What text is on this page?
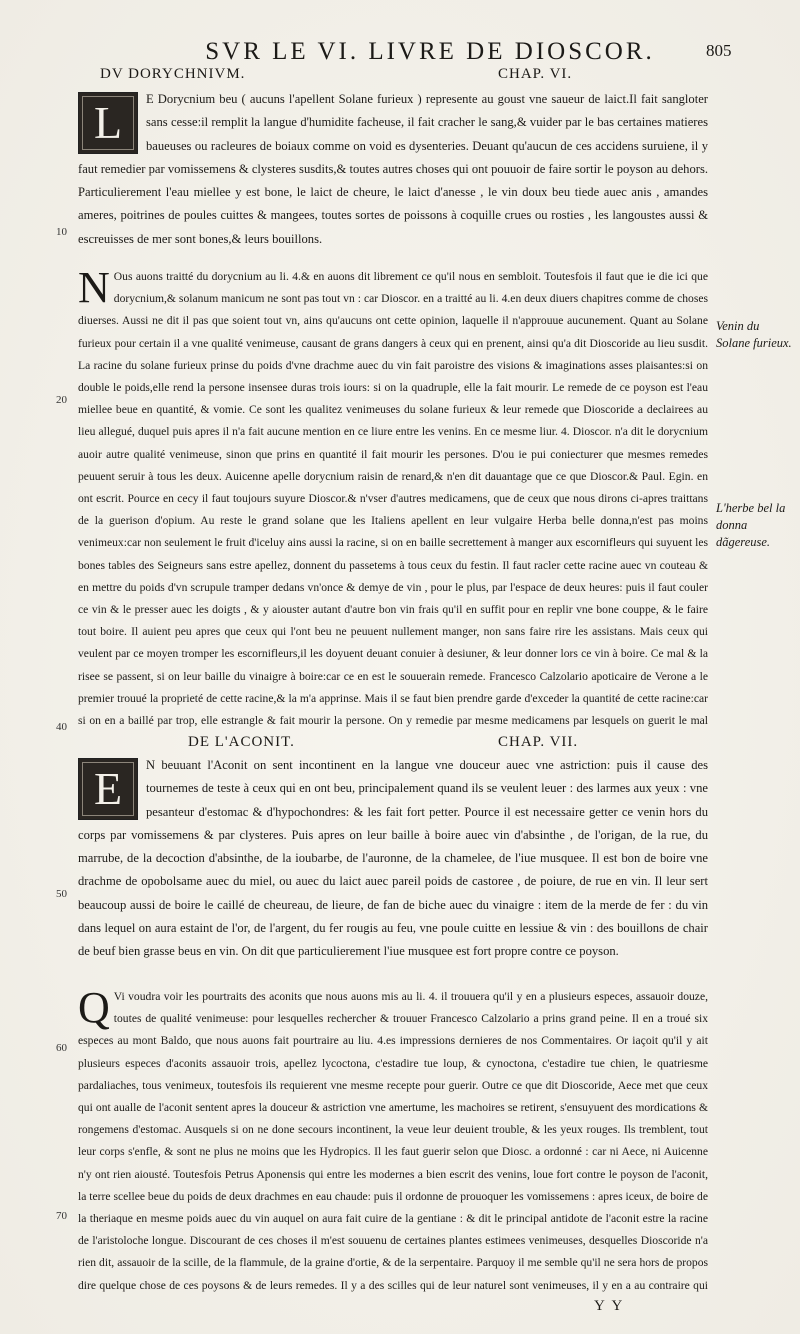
SVR LE VI. LIVRE DE DIOSCOR.	805
DV DORYCHNIVM.	CHAP. VI.
L	E Dorycnium beu ( aucuns l'apellent Solane furieux ) represente au goust vne saueur de laict.Il fait sangloter sans cesse:il remplit la langue d'humidite facheuse, il fait cracher le sang,& vuider par le bas certaines matieres baueuses ou racleures de boiaux comme on void es dysenteries. Deuant qu'aucun de ces accidens suruiene, il y faut remedier par vomissemens & clysteres susdits,& toutes autres choses qui ont pouuoir de faire sortir le poyson au dehors. Particulierement l'eau miellee y est bone, le laict de cheure, le laict d'anesse , le vin doux beu tiede auec anis , amandes ameres, poitrines de poules cuittes & mangees, toutes sortes de poissons à coquille crues ou rosties , les langoustes aussi & escreuisses de mer sont bones,& leurs bouillons.
N Ous auons traitté du dorycnium au li. 4.& en auons dit librement ce qu'il nous en sembloit. Toutesfois il faut que ie die ici que dorycnium,& solanum manicum ne sont pas tout vn : car Dioscor. en a traitté au li. 4.en deux diuers chapitres comme de choses diuerses. Aussi ne dit il pas que soient tout vn, ains qu'aucuns ont cette opinion, laquelle il n'approuue aucunement. Quant au Solane furieux pour certain il a vne qualité venimeuse, causant de grans dangers à ceux qui en prenent, ainsi qu'a dit Dioscoride au lieu susdit. La racine du solane furieux prinse du poids d'vne drachme auec du vin fait paroistre des visions & imaginations asses plaisantes:si on double le poids,elle rend la persone insensee duras trois iours: si on la quadruple, elle la fait mourir. Le remede de ce poyson est l'eau miellee beue en quantité, & vomie. Ce sont les qualitez venimeuses du solane furieux & leur remede que Dioscoride a declairees au lieu allegué, duquel puis apres il n'a fait aucune mention en ce liure entre les venins. En ce mesme liur. 4. Dioscor. n'a dit le dorycnium auoir autre qualité venimeuse, sinon que prins en quantité il fait mourir les persones. D'ou ie pui coniecturer que mesmes remedes peuuent seruir à tous les deux. Auicenne apelle dorycnium raisin de renard,& n'en dit dauantage que ce que Dioscor.& Paul. Egin. en ont escrit. Pource en cecy il faut toujours suyure Dioscor.& n'vser d'autres medicamens, que de ceux que nous dirons ci-apres traittans de la guerison d'opium. Au reste le grand solane que les Italiens apellent en leur vulgaire Herba belle donna,n'est pas moins venimeux:car non seulement le fruit d'iceluy ains aussi la racine, si on en baille secrettement à manger aux escornifleurs qui suyuent les bones tables des Seigneurs sans estre apellez, donnent du passetems à tous ceux du festin. Il faut racler cette racine auec vn couteau & en mettre du poids d'vn scrupule tramper dedans vn'once & demye de vin , pour le plus, par l'espace de deux heures: puis il faut couler ce vin & le presser auec les doigts , & y aiouster autant d'autre bon vin frais qu'il en suffit pour en replir vne bone couppe, & le faire tout boire. Il auient peu apres que ceux qui l'ont beu ne peuuent nullement manger, non sans faire rire les assistans. Mais ceux qui veulent par ce moyen tromper les escornifleurs,il les doyuent deuant conuier à desiuner, & leur donner lors ce vin à boire. Ce mal & la risee se passent, si on leur baille du vinaigre à boire:car ce en est le souuerain remede. Francesco Calzolario apoticaire de Verone a le premier trouué la proprieté de cette racine,& la m'a apprinse. Mais il se faut bien prendre garde d'exceder la quantité de cette racine:car si on en a baillé par trop, elle estrangle & fait mourir la persone. On y remedie par mesme medicamens par lesquels on guerit le mal
DE L'ACONIT.	CHAP. VII.
E	N beuuant l'Aconit on sent incontinent en la langue vne douceur auec vne astriction: puis il cause des tournemes de teste à ceux qui en ont beu, principalement quand ils se veulent leuer : des larmes aux yeux : vne pesanteur d'estomac & d'hypochondres: & les fait fort petter. Pource il est necessaire getter ce venin hors du corps par vomissemens & par clysteres. Puis apres on leur baille à boire auec vin d'absinthe , de l'origan, de la rue, du marrube, de la decoction d'absinthe, de la ioubarbe, de l'auronne, de la chamelee, de l'iue musquee. Il est bon de boire vne drachme de opobolsame auec du miel, ou auec du laict auec pareil poids de castoree , de poiure, de rue en vin. Il leur sert beaucoup aussi de boire le caillé de cheureau, de lieure, de fan de biche auec du vinaigre : item de la merde de fer : du vin dans lequel on aura estaint de l'or, de l'argent, du fer rougis au feu, vne poule cuitte en lessiue & vin : des bouillons de chair de beuf bien grasse beus en vin. On dit que particulierement l'iue musquee est fort propre contre ce poyson.
Q Vi voudra voir les pourtraits des aconits que nous auons mis au li. 4. il trouuera qu'il y en a plusieurs especes, assauoir douze, toutes de qualité venimeuse: pour lesquelles rechercher & trouuer Francesco Calzolario a prins grand peine. Il en a troué six especes au mont Baldo, que nous auons fait pourtraire au liu. 4.es impressions dernieres de nos Commentaires. Or iaçoit qu'il y ait plusieurs especes d'aconits assauoir trois, apellez lycoctona, c'estadire tue loup, & cynoctona, c'estadire tue chien, le quatriesme pardaliaches, tous venimeux, toutesfois ils requierent vne mesme recepte pour guerir. Outre ce que dit Dioscoride, Aece met que ceux qui ont aualle de l'aconit sentent apres la douceur & astriction vne amertume, les machoires se retirent, s'ensuyuent des mordications & rongemens d'estomac. Ausquels si on ne done secours incontinent, la veue leur deuient trouble, & les yeux rouges. Ils tremblent, tout leur corps s'enfle, & sont ne plus ne moins que les Hydropics. Il les faut guerir selon que Diosc. a ordonné : car ni Aece, ni Auicenne n'y ont rien aiousté. Toutesfois Petrus Aponensis qui entre les modernes a bien escrit des venins, loue fort contre le poyson de l'aconit, la terre scellee beue du poids de deux drachmes en eau chaude: puis il ordonne de prouoquer les vomissemens : apres iceux, de boire de la theriaque en mesme poids auec du vin auquel on aura fait cuire de la gentiane : & dit le principal antidote de l'aconit estre la racine de l'aristoloche longue. Discourant de ces choses il m'est souuenu de certaines plantes estimees venimeuses, desquelles Dioscoride n'a rien dit, assauoir de la scille, de la flammule, de la graine d'ortie, & de la serpentaire. Parquoy il me semble qu'il ne sera hors de propos dire quelque chose de ces poysons & de leurs remedes. Il y a des scilles qui de leur naturel sont venimeuses, il y en a au contraire qui
10
20
40
50
60
70
Venin du Solane furieux.
L'herbe bel la donna dãgereuse.
Y Y
